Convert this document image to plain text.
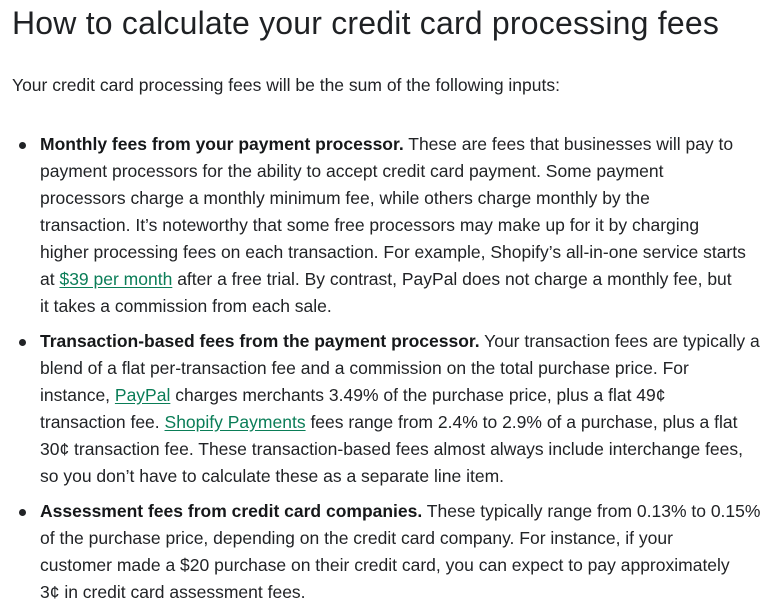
How to calculate your credit card processing fees

Your credit card processing fees will be the sum of the following inputs:

Monthly fees from your payment processor. These are fees that businesses will pay to
payment processors for the ability to accept credit card payment. Some payment
processors charge a monthly minimum fee, while others charge monthly by the
transaction. It’s noteworthy that some free processors may make up for it by charging
higher processing fees on each transaction. For example, Shopify’s all-in-one service starts
at $39 per month after a free trial. By contrast, PayPal does not charge a monthly fee, but
it takes a commission from each sale.
Transaction-based fees from the payment processor. Your transaction fees are typically a
blend of a flat per-transaction fee and a commission on the total purchase price. For
instance, PayPal charges merchants 3.49% of the purchase price, plus a flat 49¢
transaction fee. Shopify Payments fees range from 2.4% to 2.9% of a purchase, plus a flat
30¢ transaction fee. These transaction-based fees almost always include interchange fees,
so you don’t have to calculate these as a separate line item.
Assessment fees from credit card companies. These typically range from 0.13% to 0.15%
of the purchase price, depending on the credit card company. For instance, if your
customer made a $20 purchase on their credit card, you can expect to pay approximately
3¢ in credit card assessment fees.
